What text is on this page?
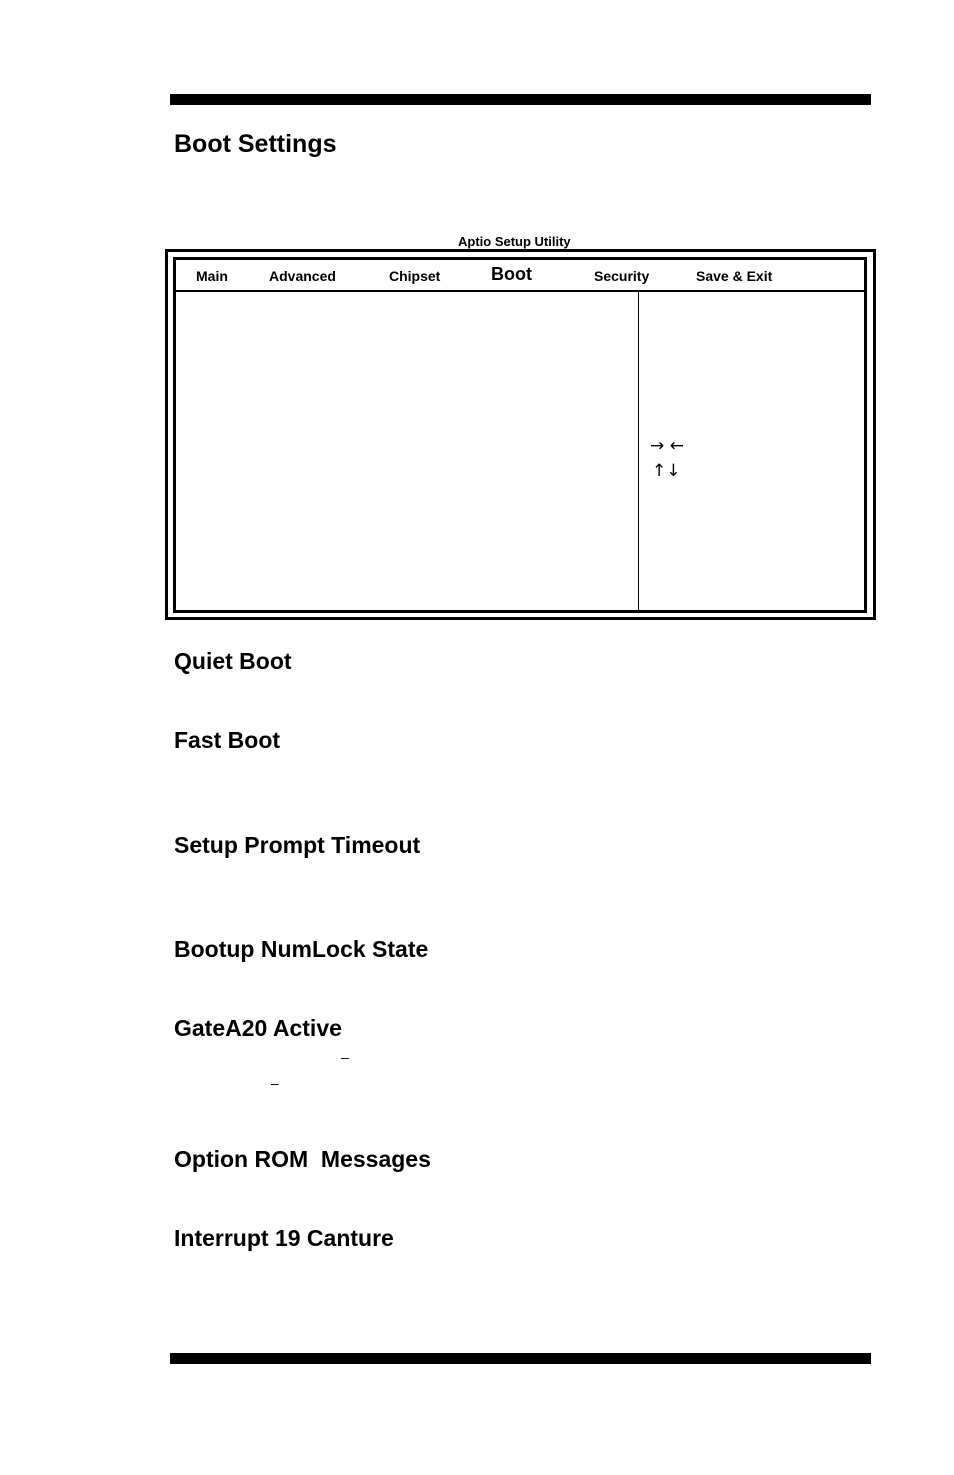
Boot Settings
Aptio Setup Utility
Main	Advanced	Chipset	Boot	Security	Save & Exit
→ ←
↑↓
Quiet Boot
Fast Boot
Setup Prompt Timeout
Bootup NumLock State
GateA20 Active
–
–
Option ROM  Messages
Interrupt 19 Canture
